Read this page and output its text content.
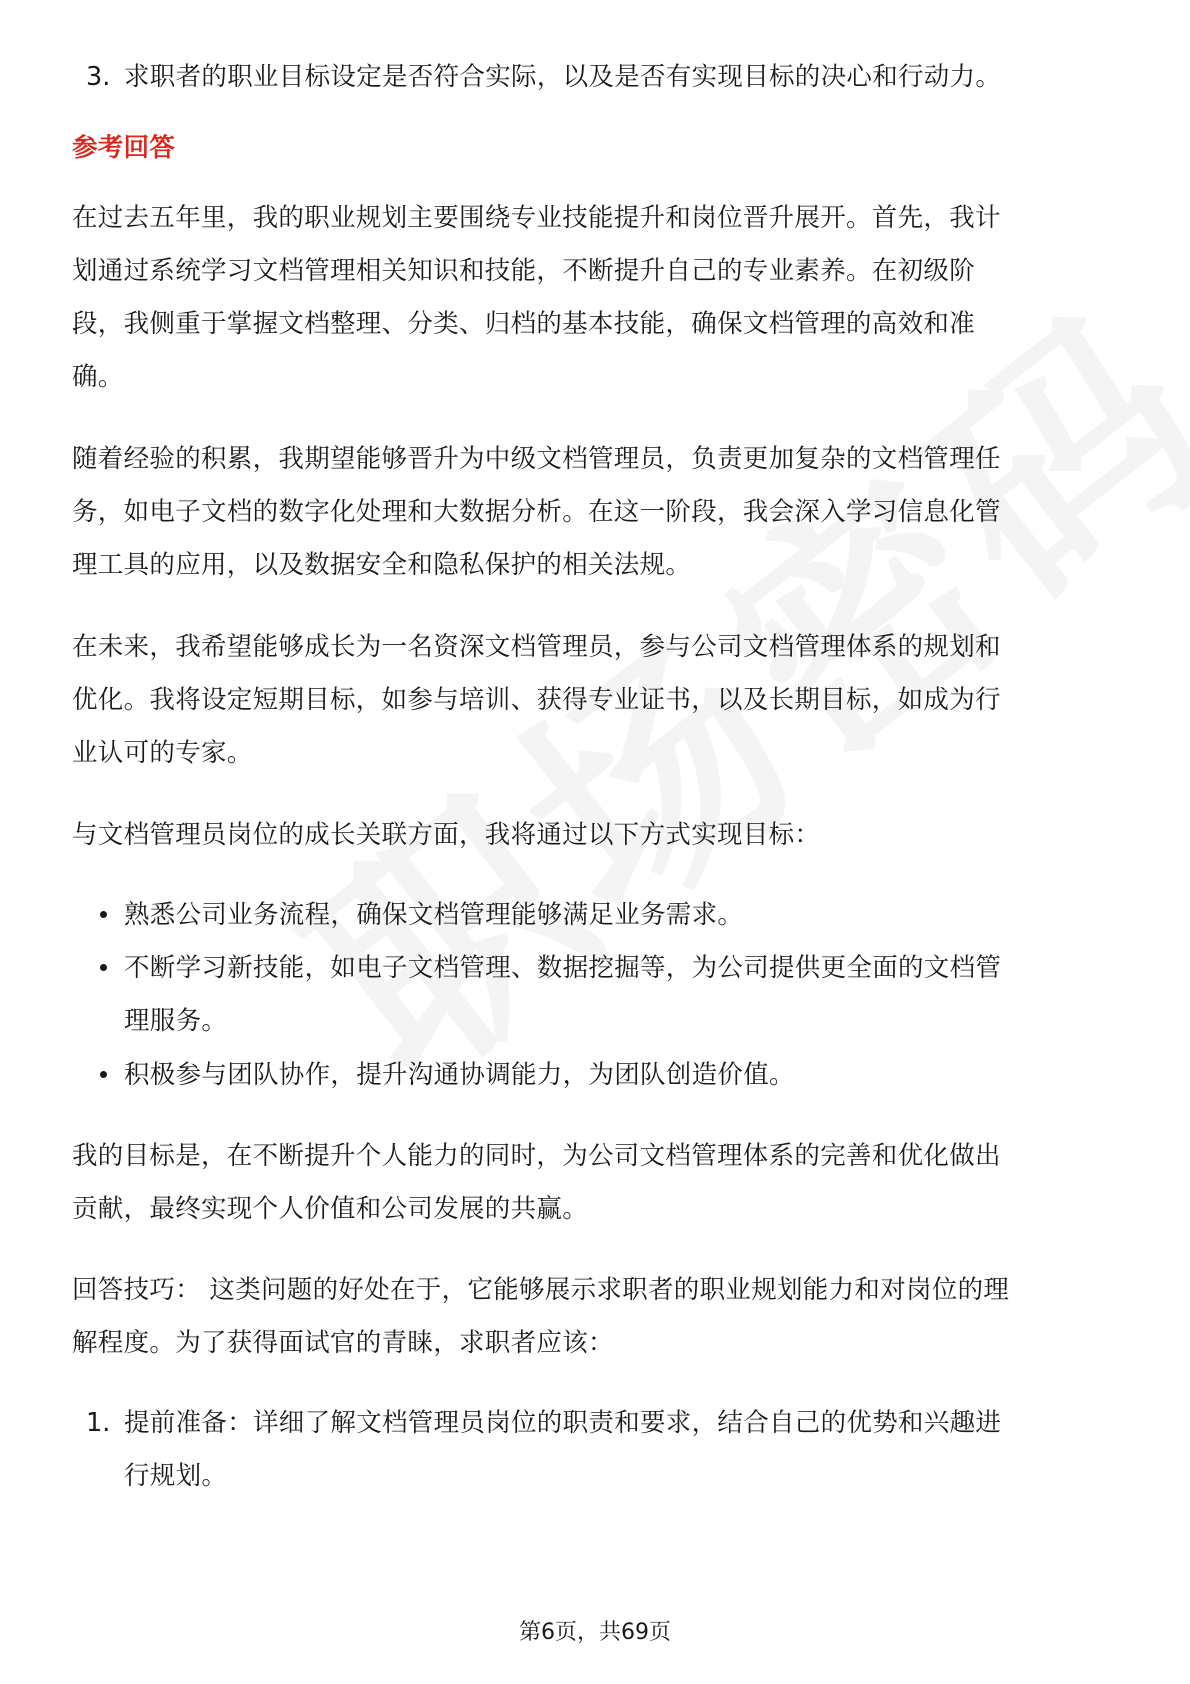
3. 求职者的职业目标设定是否符合实际，以及是否有实现目标的决心和行动力。
参考回答
在过去五年里，我的职业规划主要围绕专业技能提升和岗位晋升展开。首先，我计
划通过系统学习文档管理相关知识和技能，不断提升自己的专业素养。在初级阶
段，我侧重于掌握文档整理、分类、归档的基本技能，确保文档管理的高效和准
确。
随着经验的积累，我期望能够晋升为中级文档管理员，负责更加复杂的文档管理任
务，如电子文档的数字化处理和大数据分析。在这一阶段，我会深入学习信息化管
理工具的应用，以及数据安全和隐私保护的相关法规。
在未来，我希望能够成长为一名资深文档管理员，参与公司文档管理体系的规划和
优化。我将设定短期目标，如参与培训、获得专业证书，以及长期目标，如成为行
业认可的专家。
与文档管理员岗位的成长关联方面，我将通过以下方式实现目标：
熟悉公司业务流程，确保文档管理能够满足业务需求。
不断学习新技能，如电子文档管理、数据挖掘等，为公司提供更全面的文档管
理服务。
积极参与团队协作，提升沟通协调能力，为团队创造价值。
我的目标是，在不断提升个人能力的同时，为公司文档管理体系的完善和优化做出
贡献，最终实现个人价值和公司发展的共赢。
回答技巧： 这类问题的好处在于，它能够展示求职者的职业规划能力和对岗位的理
解程度。为了获得面试官的青睐，求职者应该：
1. 提前准备：详细了解文档管理员岗位的职责和要求，结合自己的优势和兴趣进
行规划。
第6页，共69页
